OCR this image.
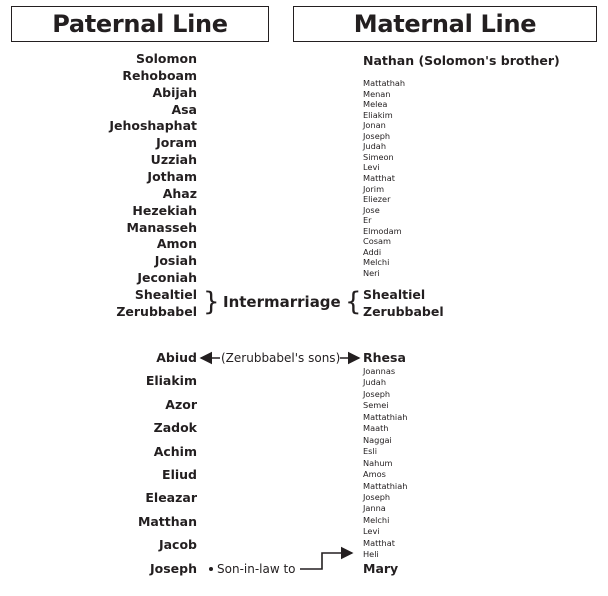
Paternal Line	Maternal Line
Solomon
Rehoboam
Abijah
Asa
Jehoshaphat
Joram
Uzziah
Jotham
Ahaz
Hezekiah
Manasseh
Amon
Josiah
Jeconiah
Shealtiel
Zerubbabel
Abiud
Eliakim
Azor
Zadok
Achim
Eliud
Eleazar
Matthan
Jacob
Joseph
Nathan (Solomon's brother)
Mattathah
Menan
Melea
Eliakim
Jonan
Joseph
Judah
Simeon
Levi
Matthat
Jorim
Eliezer
Jose
Er
Elmodam
Cosam
Addi
Melchi
Neri
Shealtiel
Zerubbabel
Rhesa
Joannas
Judah
Joseph
Semei
Mattathiah
Maath
Naggai
Esli
Nahum
Amos
Mattathiah
Joseph
Janna
Melchi
Levi
Matthat
Heli
Mary
} Intermarriage {
(Zerubbabel's sons)
Son-in-law to
